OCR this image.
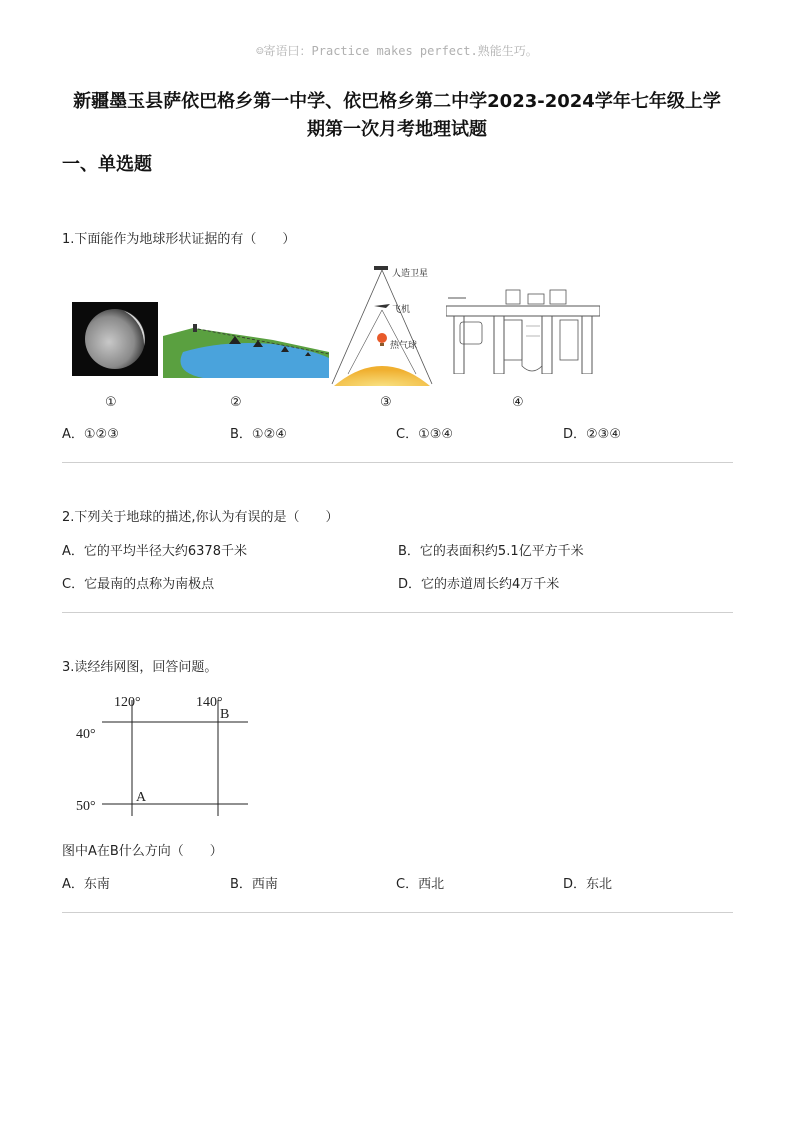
☺寄语曰：Practice makes perfect.熟能生巧。
新疆墨玉县萨依巴格乡第一中学、依巴格乡第二中学2023-2024学年七年级上学
期第一次月考地理试题
一、单选题
1.下面能作为地球形状证据的有（　　）
人造卫星
飞机
热气球
①	②	③	④
A．①②③	B．①②④	C．①③④	D．②③④
2.下列关于地球的描述,你认为有误的是（　　）
A．它的平均半径大约6378千米	B．它的表面积约5.1亿平方千米
C．它最南的点称为南极点	D．它的赤道周长约4万千米
3.读经纬网图，回答问题。
120°	140°
40°
50°
B
A
图中A在B什么方向（　　）
A．东南	B．西南	C．西北	D．东北
